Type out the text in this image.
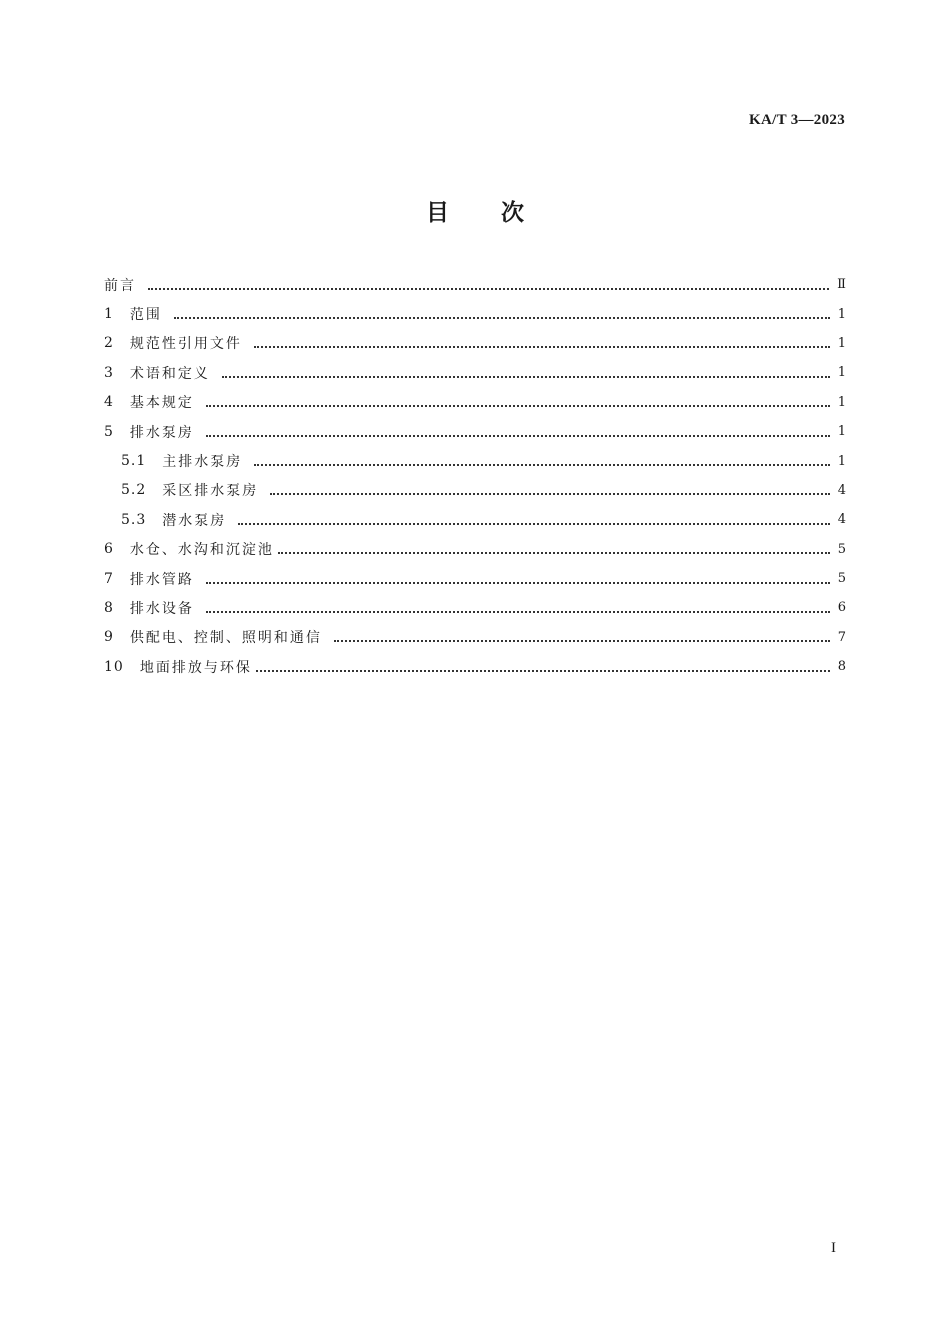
KA/T 3—2023
目次
前言	Ⅱ
1 范围	1
2 规范性引用文件	1
3 术语和定义	1
4 基本规定	1
5 排水泵房	1
5.1 主排水泵房	1
5.2 采区排水泵房	4
5.3 潜水泵房	4
6 水仓、水沟和沉淀池	5
7 排水管路	5
8 排水设备	6
9 供配电、控制、照明和通信	7
10 地面排放与环保	8
I
